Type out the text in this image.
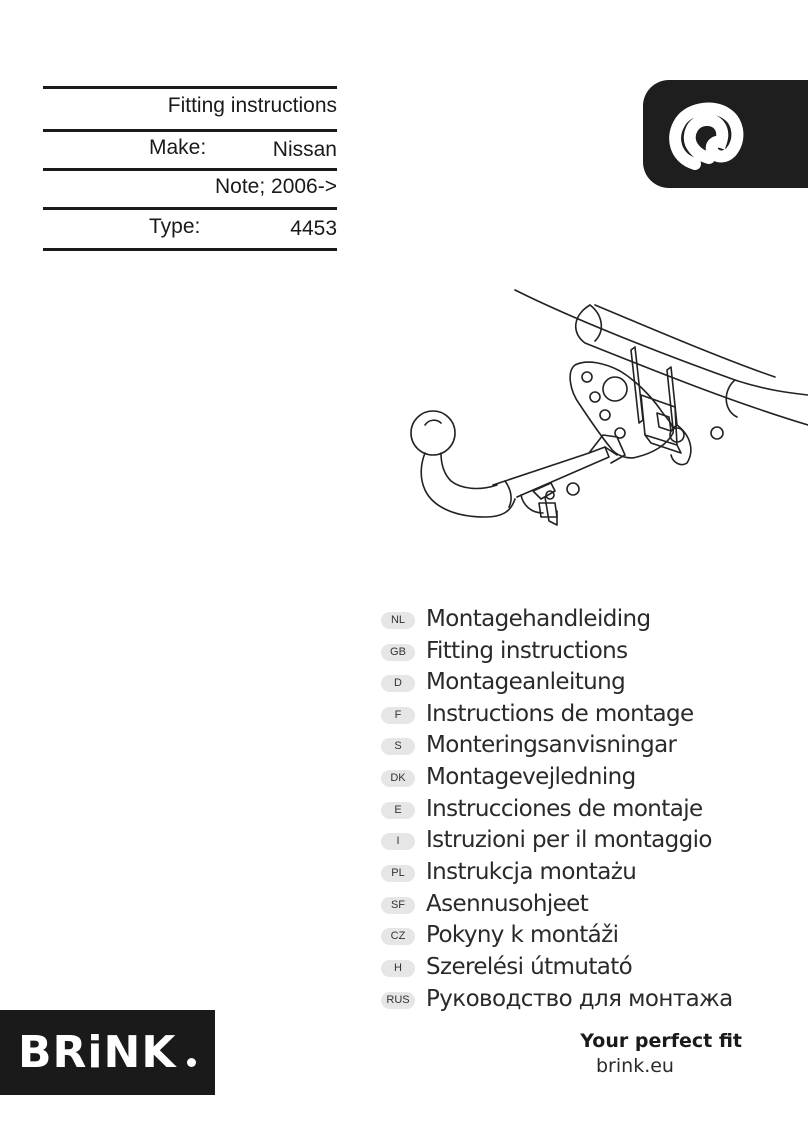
Fitting instructions
Make:	Nissan
Note; 2006->
Type:	4453
NL Montagehandleiding
GB Fitting instructions
D	Montageanleitung
F	Instructions de montage
S	Monteringsanvisningar
DK Montagevejledning
E	Instrucciones de montaje
I	Istruzioni per il montaggio
PL Instrukcja montażu
SF Asennusohjeet
CZ Pokyny k montáži
H	Szerelési útmutató
RUS Руководство для монтажа
BRiNK	Your perfect fit
brink.eu
